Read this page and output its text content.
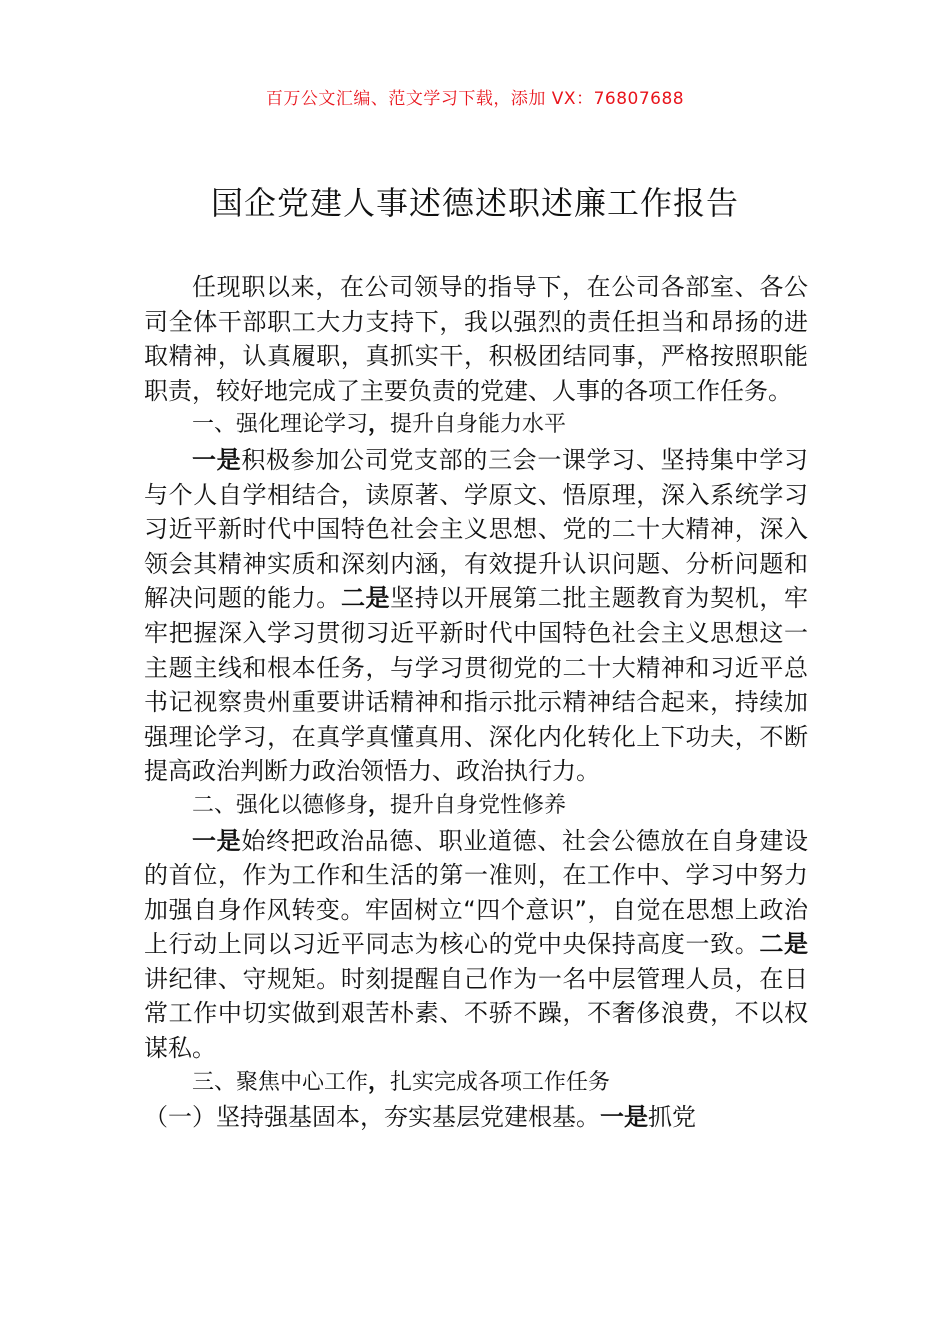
百万公文汇编、范文学习下载，添加 VX：76807688
国企党建人事述德述职述廉工作报告

任现职以来，在公司领导的指导下，在公司各部室、各公司全体干部职工大力支持下，我以强烈的责任担当和昂扬的进取精神，认真履职，真抓实干，积极团结同事，严格按照职能职责，较好地完成了主要负责的党建、人事的各项工作任务。

一、强化理论学习，提升自身能力水平

一是积极参加公司党支部的三会一课学习、坚持集中学习与个人自学相结合，读原著、学原文、悟原理，深入系统学习习近平新时代中国特色社会主义思想、党的二十大精神，深入领会其精神实质和深刻内涵，有效提升认识问题、分析问题和解决问题的能力。二是坚持以开展第二批主题教育为契机，牢牢把握深入学习贯彻习近平新时代中国特色社会主义思想这一主题主线和根本任务，与学习贯彻党的二十大精神和习近平总书记视察贵州重要讲话精神和指示批示精神结合起来，持续加强理论学习，在真学真懂真用、深化内化转化上下功夫，不断提高政治判断力政治领悟力、政治执行力。

二、强化以德修身，提升自身党性修养

一是始终把政治品德、职业道德、社会公德放在自身建设的首位，作为工作和生活的第一准则，在工作中、学习中努力加强自身作风转变。牢固树立“四个意识”，自觉在思想上政治上行动上同以习近平同志为核心的党中央保持高度一致。二是讲纪律、守规矩。时刻提醒自己作为一名中层管理人员，在日常工作中切实做到艰苦朴素、不骄不躁，不奢侈浪费，不以权谋私。

三、聚焦中心工作，扎实完成各项工作任务

（一）坚持强基固本，夯实基层党建根基。一是抓党
